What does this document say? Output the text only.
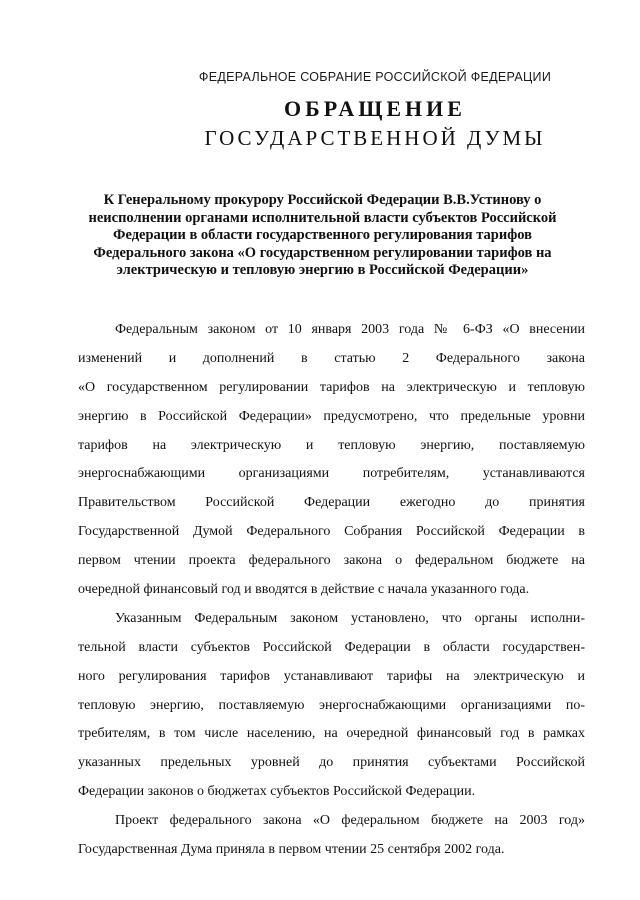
ФЕДЕРАЛЬНОЕ СОБРАНИЕ РОССИЙСКОЙ ФЕДЕРАЦИИ
ОБРАЩЕНИЕ
ГОСУДАРСТВЕННОЙ ДУМЫ
К Генеральному прокурору Российской Федерации В.В.Устинову о
неисполнении органами исполнительной власти субъектов Российской
Федерации в области государственного регулирования тарифов
Федерального закона «О государственном регулировании тарифов на
электрическую и тепловую энергию в Российской Федерации»
Федеральным законом от 10 января 2003 года № 6-ФЗ «О внесении
изменений и дополнений в статью 2 Федерального закона
«О государственном регулировании тарифов на электрическую и тепловую
энергию в Российской Федерации» предусмотрено, что предельные уровни
тарифов на электрическую и тепловую энергию, поставляемую
энергоснабжающими организациями потребителям, устанавливаются
Правительством Российской Федерации ежегодно до принятия
Государственной Думой Федерального Собрания Российской Федерации в
первом чтении проекта федерального закона о федеральном бюджете на
очередной финансовый год и вводятся в действие с начала указанного года.
Указанным Федеральным законом установлено, что органы исполни-
тельной власти субъектов Российской Федерации в области государствен-
ного регулирования тарифов устанавливают тарифы на электрическую и
тепловую энергию, поставляемую энергоснабжающими организациями по-
требителям, в том числе населению, на очередной финансовый год в рамках
указанных предельных уровней до принятия субъектами Российской
Федерации законов о бюджетах субъектов Российской Федерации.
Проект федерального закона «О федеральном бюджете на 2003 год»
Государственная Дума приняла в первом чтении 25 сентября 2002 года.
